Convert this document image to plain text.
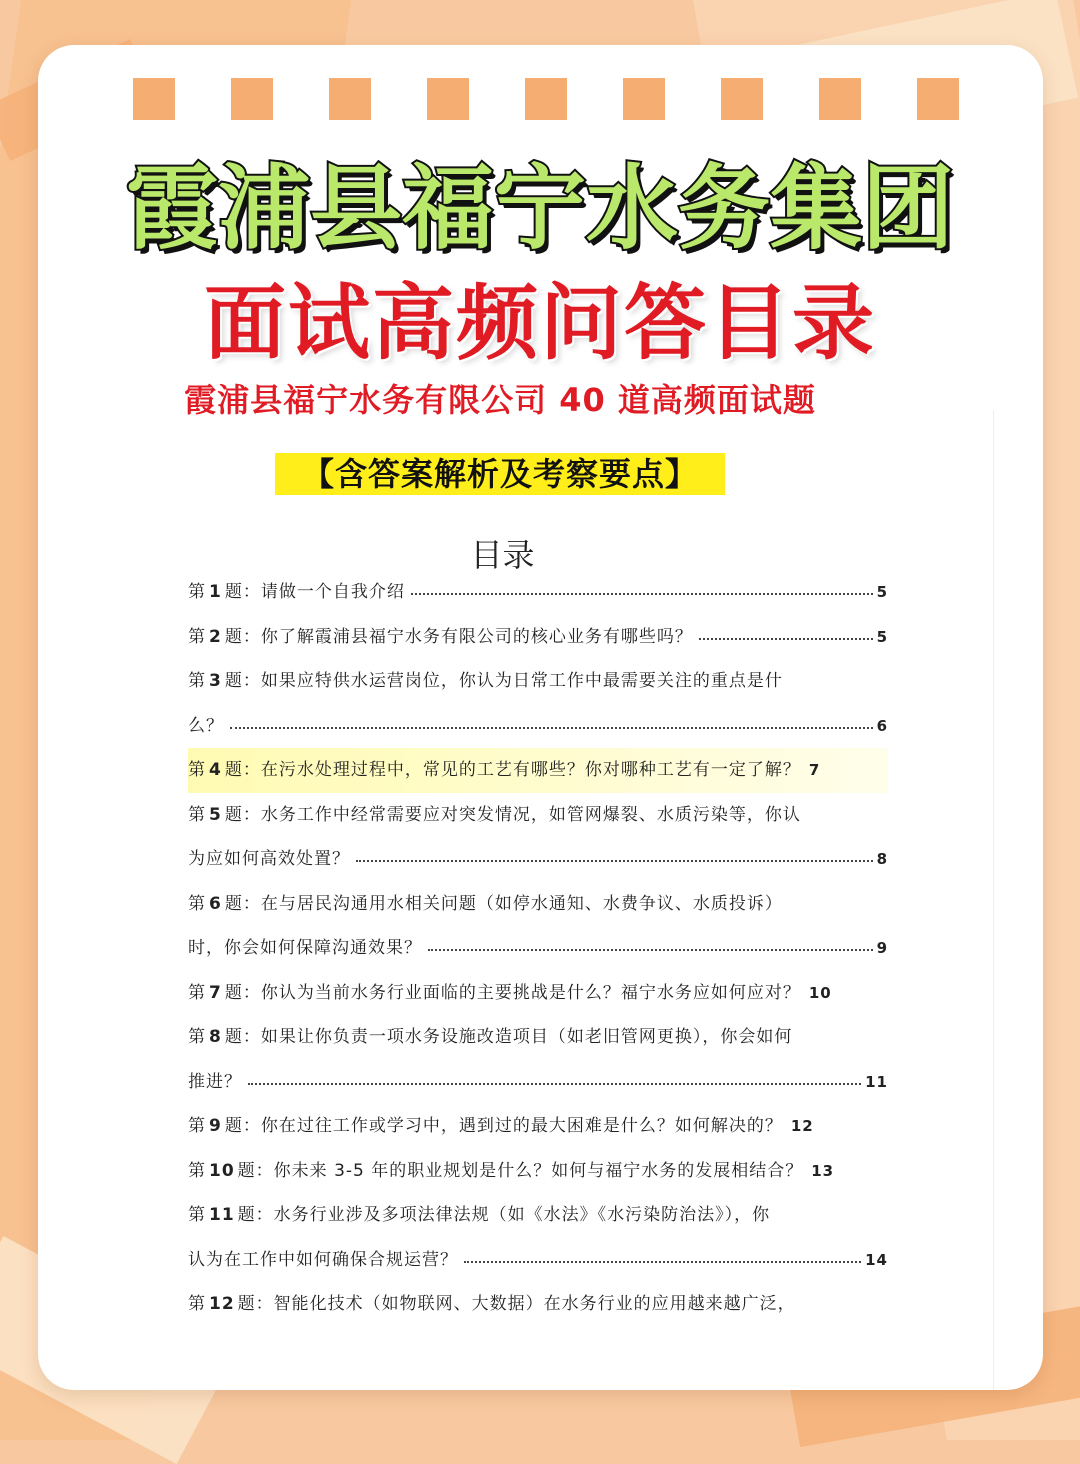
霞浦县福宁水务集团
面试高频问答目录
霞浦县福宁水务有限公司 40 道高频面试题
【含答案解析及考察要点】
目录
第 1 题： 请做一个自我介绍	5
第 2 题： 你了解霞浦县福宁水务有限公司的核心业务有哪些吗？	5
第 3 题： 如果应特供水运营岗位，你认为日常工作中最需要关注的重点是什
么？	6
第 4 题： 在污水处理过程中，常见的工艺有哪些？你对哪种工艺有一定了解？ 7
第 5 题： 水务工作中经常需要应对突发情况，如管网爆裂、水质污染等，你认
为应如何高效处置？	8
第 6 题： 在与居民沟通用水相关问题（如停水通知、水费争议、水质投诉）
时，你会如何保障沟通效果？	9
第 7 题： 你认为当前水务行业面临的主要挑战是什么？福宁水务应如何应对？ 10
第 8 题： 如果让你负责一项水务设施改造项目（如老旧管网更换），你会如何
推进？	11
第 9 题： 你在过往工作或学习中，遇到过的最大困难是什么？如何解决的？ 12
第 10 题： 你未来 3-5 年的职业规划是什么？如何与福宁水务的发展相结合？ 13
第 11 题： 水务行业涉及多项法律法规（如《水法》《水污染防治法》），你
认为在工作中如何确保合规运营？	14
第 12 题： 智能化技术（如物联网、大数据）在水务行业的应用越来越广泛，
